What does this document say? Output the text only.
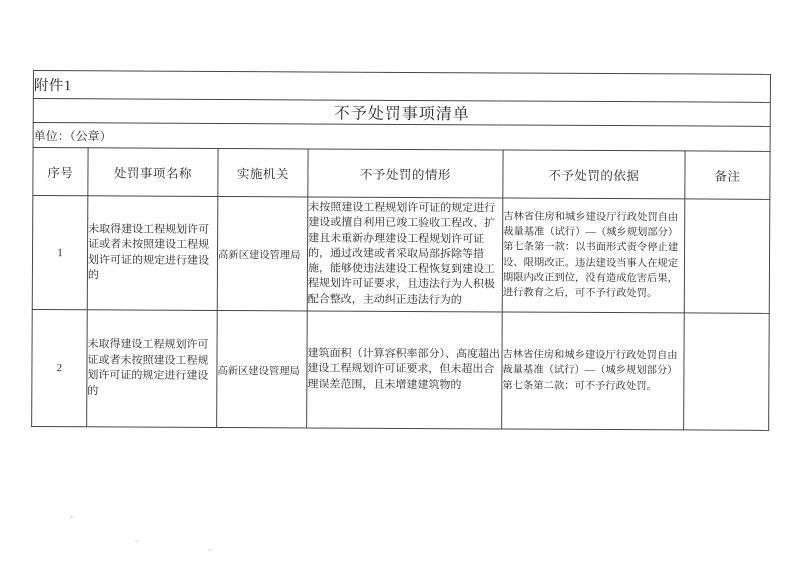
附件1					
不予处罚事项清单					
单位：（公章）					
序号	处罚事项名称	实施机关	不予处罚的情形	不予处罚的依据	备注
1	未取得建设工程规划许可证或者未按照建设工程规划许可证的规定进行建设的	高新区建设管理局	未按照建设工程规划许可证的规定进行建设或擅自利用已竣工验收工程改、扩建且未重新办理建设工程规划许可证的，通过改建或者采取局部拆除等措施，能够使违法建设工程恢复到建设工程规划许可证要求，且违法行为人积极配合整改，主动纠正违法行为的	吉林省住房和城乡建设厅行政处罚自由裁量基准（试行）—（城乡规划部分）第七条第一款：以书面形式责令停止建设、限期改正。违法建设当事人在规定期限内改正到位，没有造成危害后果，进行教育之后，可不予行政处罚。	
2	未取得建设工程规划许可证或者未按照建设工程规划许可证的规定进行建设的	高新区建设管理局	建筑面积（计算容积率部分）、高度超出建设工程规划许可证要求，但未超出合理误差范围，且未增建建筑物的	吉林省住房和城乡建设厅行政处罚自由裁量基准（试行）—（城乡规划部分）第七条第二款：可不予行政处罚。	
